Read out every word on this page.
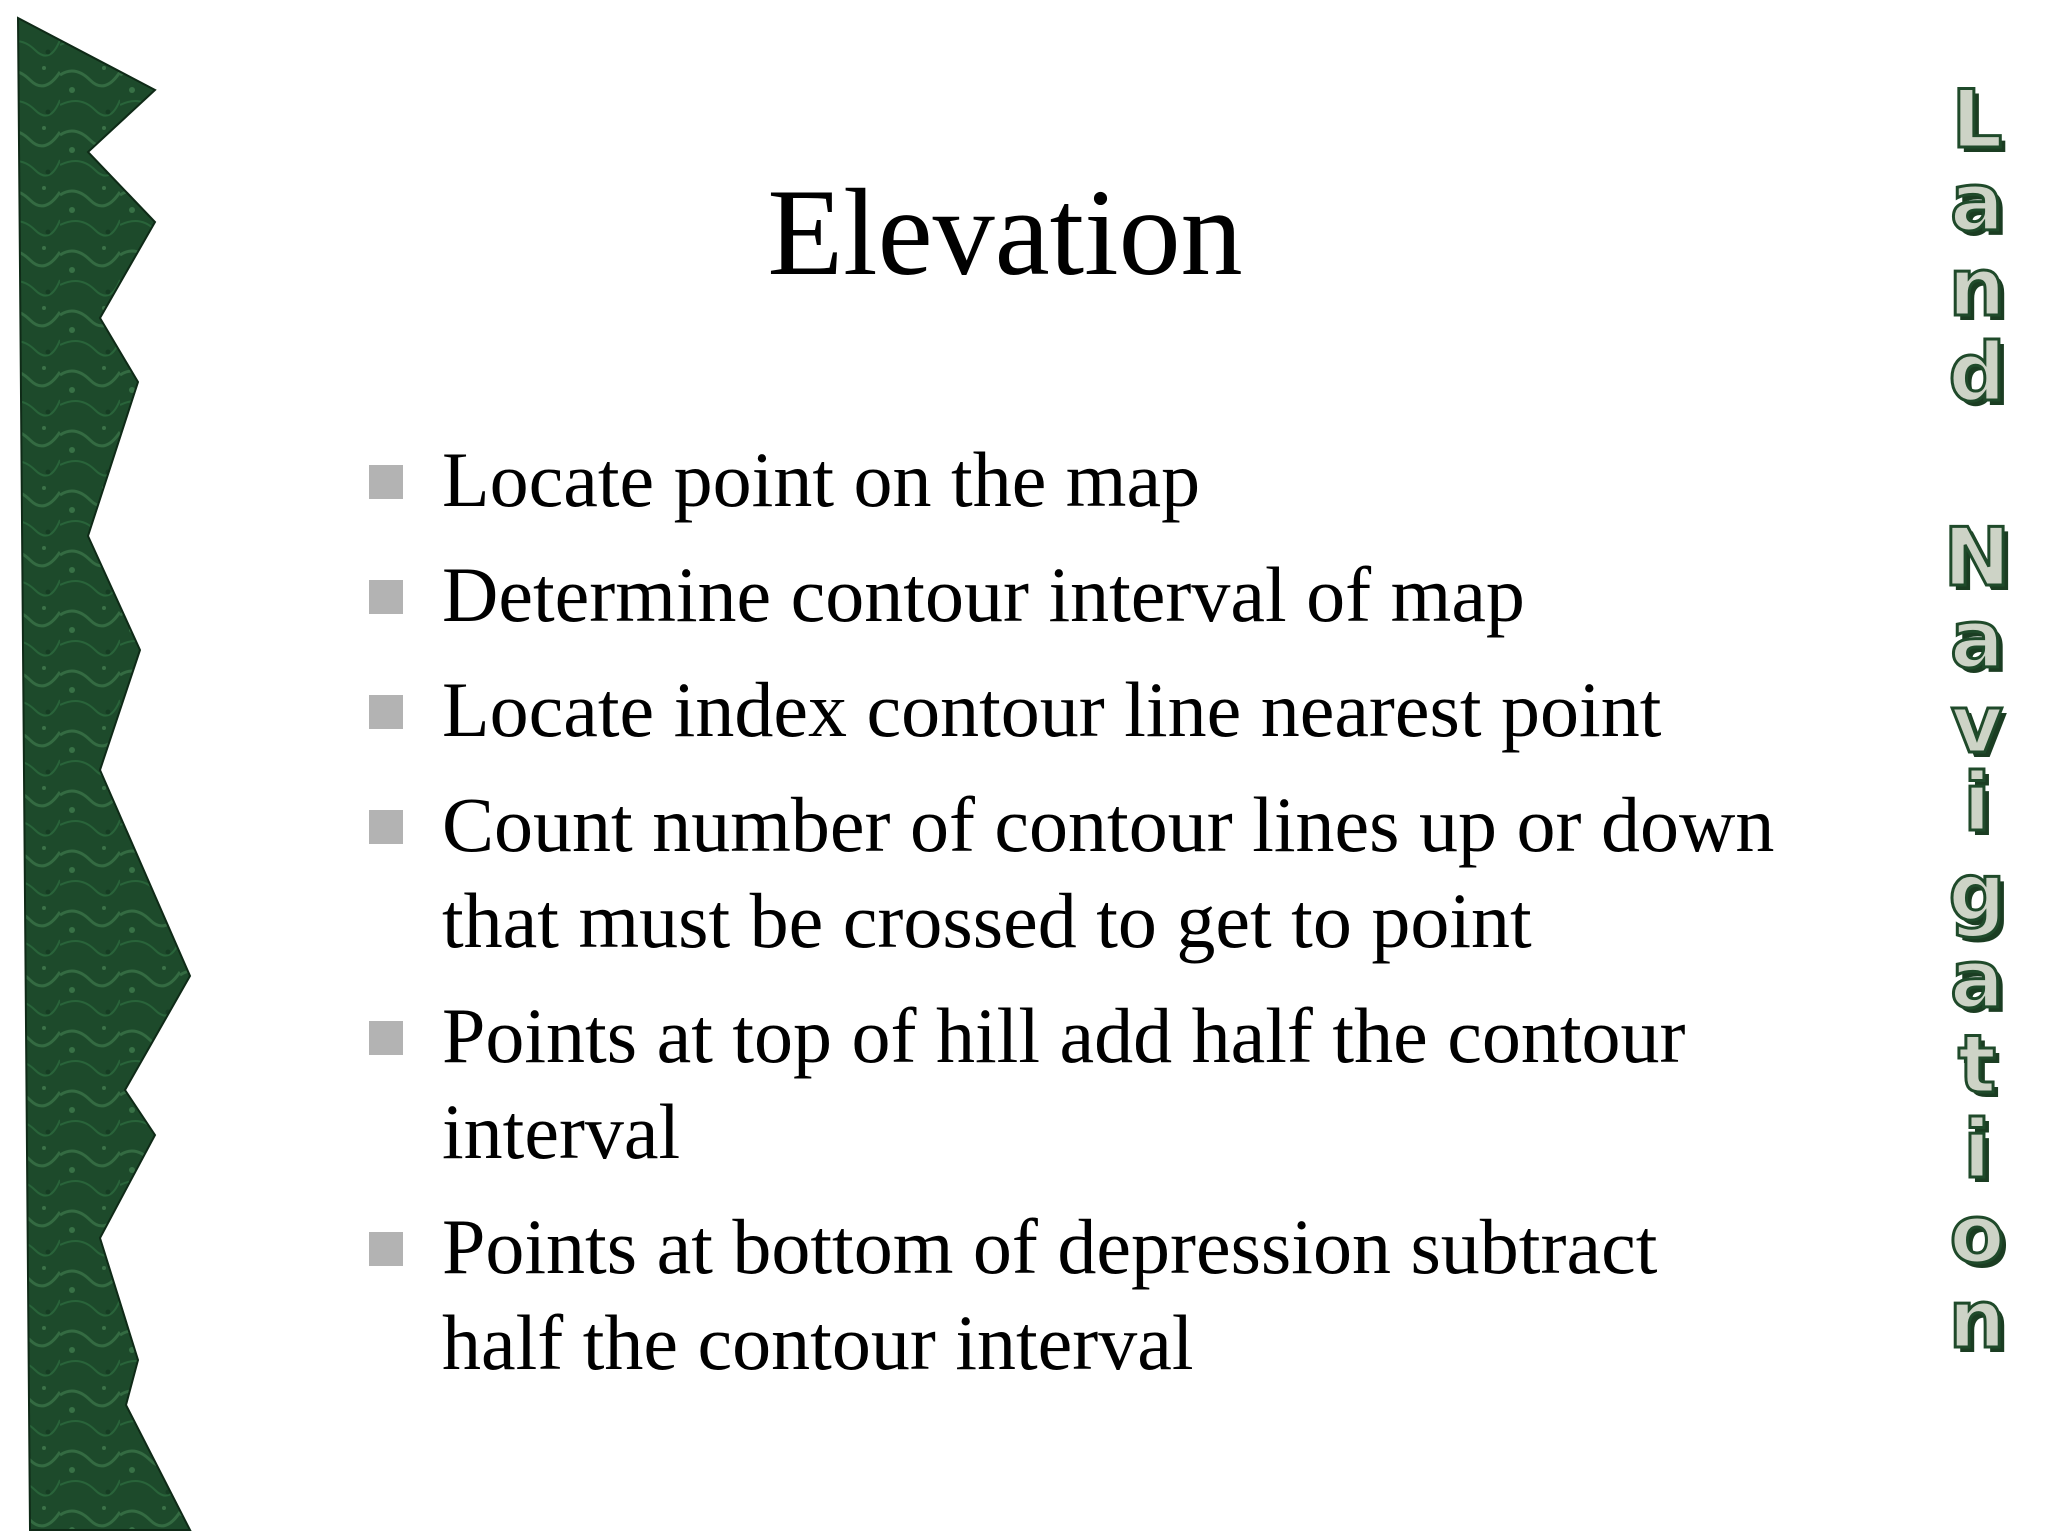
Elevation
Locate point on the map
Determine contour interval of map
Locate index contour line nearest point
Count number of contour lines up or down that must be crossed to get to point
Points at top of hill add half the contour interval
Points at bottom of depression subtract half the contour interval
L
a
n
d
N
a
v
i
g
a
t
i
o
n
